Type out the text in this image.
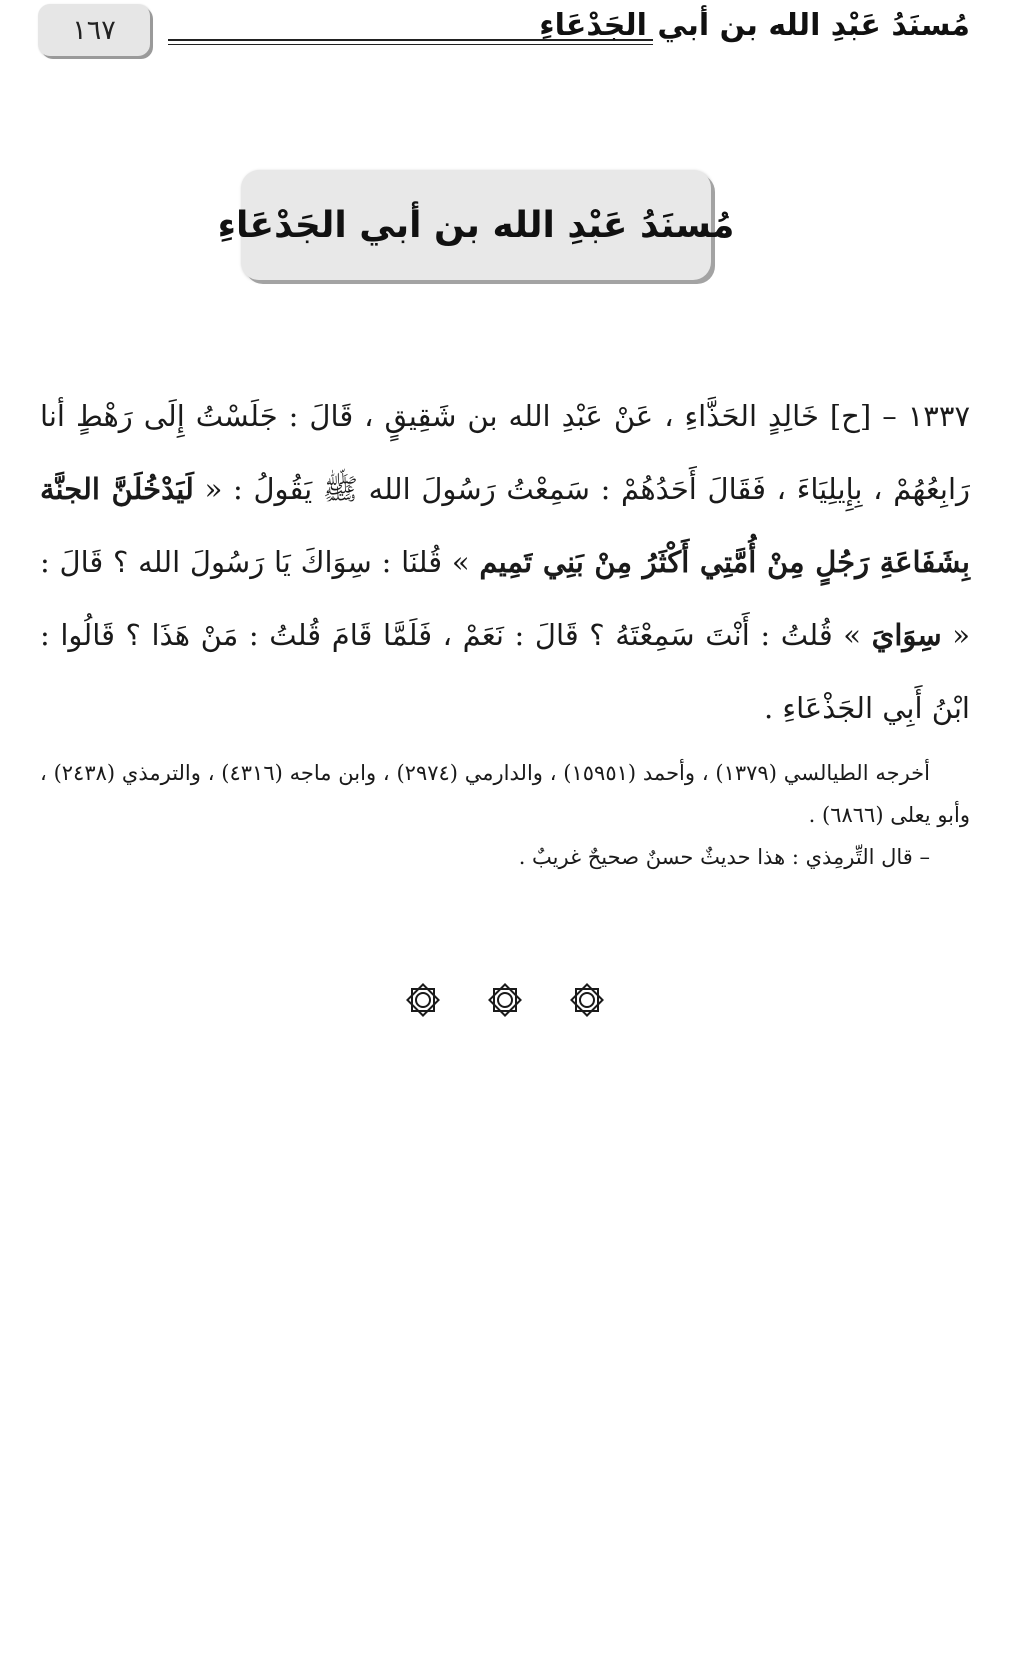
١٦٧	مُسنَدُ عَبْدِ الله بن أبي الجَدْعَاءِ
مُسنَدُ عَبْدِ الله بن أبي الجَدْعَاءِ
١٣٣٧ – [ح] خَالِدٍ الحَذَّاءِ ، عَنْ عَبْدِ الله بن شَقِيقٍ ، قَالَ : جَلَسْتُ إِلَى رَهْطٍ أنا رَابِعُهُمْ ، بِإِيلِيَاءَ ، فَقَالَ أَحَدُهُمْ : سَمِعْتُ رَسُولَ الله ﷺ يَقُولُ : « لَيَدْخُلَنَّ الجنَّة بِشَفَاعَةِ رَجُلٍ مِنْ أُمَّتِي أَكْثَرُ مِنْ بَنِي تَمِيم » قُلنَا : سِوَاكَ يَا رَسُولَ الله ؟ قَالَ : « سِوَايَ » قُلتُ : أَنْتَ سَمِعْتَهُ ؟ قَالَ : نَعَمْ ، فَلَمَّا قَامَ قُلتُ : مَنْ هَذَا ؟ قَالُوا : ابْنُ أَبِي الجَذْعَاءِ .

أخرجه الطيالسي (١٣٧٩) ، وأحمد (١٥٩٥١) ، والدارمي (٢٩٧٤) ، وابن ماجه (٤٣١٦) ، والترمذي (٢٤٣٨) ، وأبو يعلى (٦٨٦٦) .

– قال التِّرمِذي : هذا حديثٌ حسنٌ صحيحٌ غريبٌ .
